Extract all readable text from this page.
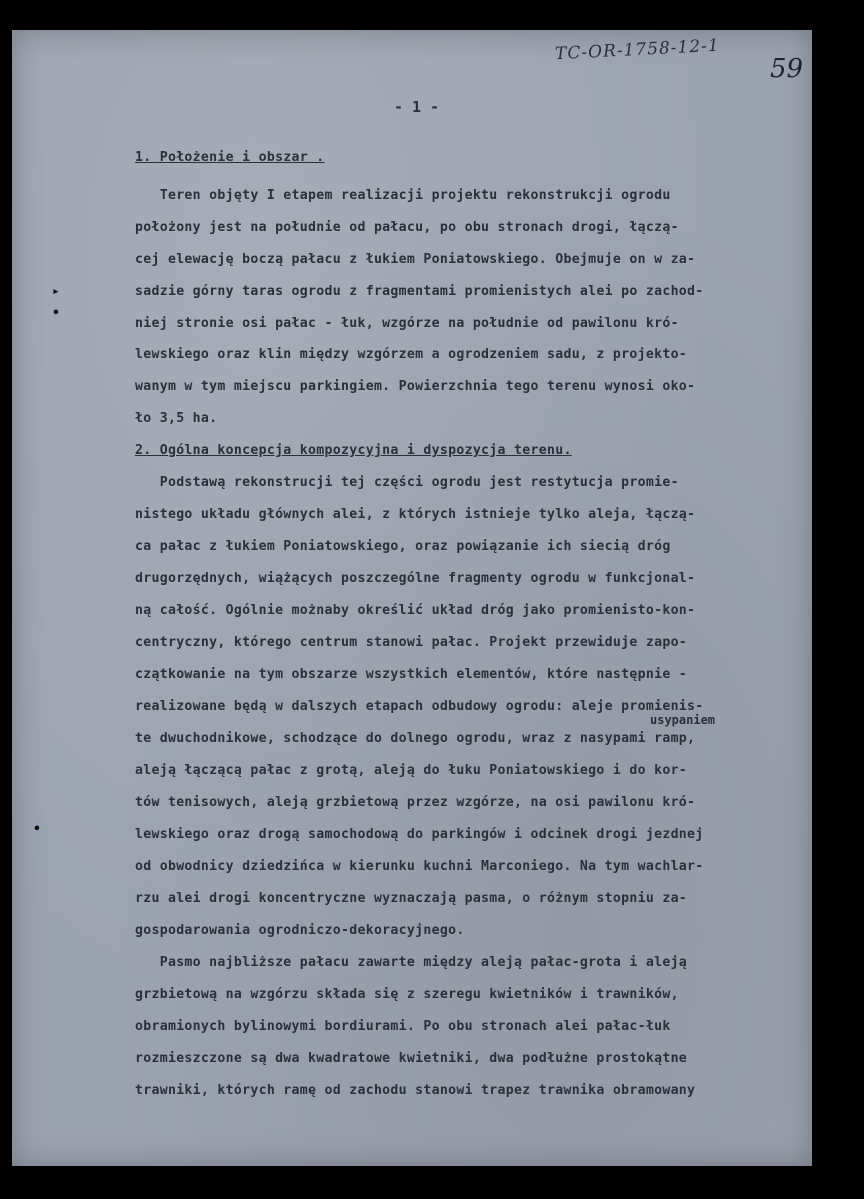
TC-OR-1758-12-1
59
- 1 -
▸
•
•
1. Położenie i obszar .
Teren objęty I etapem realizacji projektu rekonstrukcji ogrodu
położony jest na południe od pałacu, po obu stronach drogi, łączą-
cej elewację boczą pałacu z łukiem Poniatowskiego. Obejmuje on w za-
sadzie górny taras ogrodu z fragmentami promienistych alei po zachod-
niej stronie osi pałac - łuk, wzgórze na południe od pawilonu kró-
lewskiego oraz klin między wzgórzem a ogrodzeniem sadu, z projekto-
wanym w tym miejscu parkingiem. Powierzchnia tego terenu wynosi oko-
ło 3,5 ha.
2. Ogólna koncepcja kompozycyjna i dyspozycja terenu.
Podstawą rekonstrucji tej części ogrodu jest restytucja promie-
nistego układu głównych alei, z których istnieje tylko aleja, łączą-
ca pałac z łukiem Poniatowskiego, oraz powiązanie ich siecią dróg
drugorzędnych, wiążących poszczególne fragmenty ogrodu w funkcjonal-
ną całość. Ogólnie możnaby określić układ dróg jako promienisto-kon-
centryczny, którego centrum stanowi pałac. Projekt przewiduje zapo-
czątkowanie na tym obszarze wszystkich elementów, które następnie -
realizowane będą w dalszych etapach odbudowy ogrodu: aleje promienis-
te dwuchodnikowe, schodzące do dolnego ogrodu, wraz z nasypami ramp,
aleją łączącą pałac z grotą, aleją do łuku Poniatowskiego i do kor-
tów tenisowych, aleją grzbietową przez wzgórze, na osi pawilonu kró-
lewskiego oraz drogą samochodową do parkingów i odcinek drogi jezdnej
od obwodnicy dziedzińca w kierunku kuchni Marconiego. Na tym wachlar-
rzu alei drogi koncentryczne wyznaczają pasma, o różnym stopniu za-
gospodarowania ogrodniczo-dekoracyjnego.
Pasmo najbliższe pałacu zawarte między aleją pałac-grota i aleją
grzbietową na wzgórzu składa się z szeregu kwietników i trawników,
obramionych bylinowymi bordiurami. Po obu stronach alei pałac-łuk
rozmieszczone są dwa kwadratowe kwietniki, dwa podłużne prostokątne
trawniki, których ramę od zachodu stanowi trapez trawnika obramowany
usypaniem
